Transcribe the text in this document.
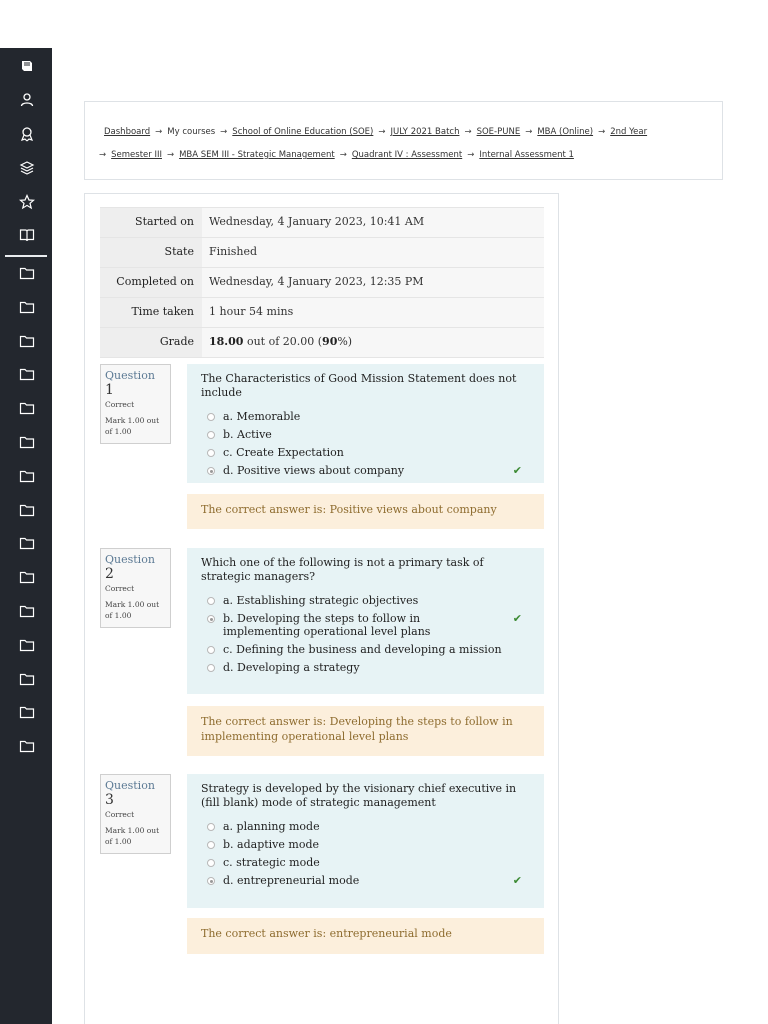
Dashboard → My courses → School of Online Education (SOE) → JULY 2021 Batch → SOE-PUNE → MBA (Online) → 2nd Year
→ Semester III → MBA SEM III - Strategic Management → Quadrant IV : Assessment → Internal Assessment 1
Started on	Wednesday, 4 January 2023, 10:41 AM
State	Finished
Completed on	Wednesday, 4 January 2023, 12:35 PM
Time taken	1 hour 54 mins
Grade	18.00 out of 20.00 (90%)
Question 1
Correct
Mark 1.00 out of 1.00
The Characteristics of Good Mission Statement does not include
a. Memorable
b. Active
c. Create Expectation
d. Positive views about company	✔
The correct answer is: Positive views about company
Question 2
Correct
Mark 1.00 out of 1.00
Which one of the following is not a primary task of strategic managers?
a. Establishing strategic objectives
b. Developing the steps to follow in implementing operational level plans
✔
c. Defining the business and developing a mission
d. Developing a strategy
The correct answer is: Developing the steps to follow in implementing operational level plans
Question 3
Correct
Mark 1.00 out of 1.00
Strategy is developed by the visionary chief executive in (fill blank) mode of strategic management
a. planning mode
b. adaptive mode
c. strategic mode
d. entrepreneurial mode	✔
The correct answer is: entrepreneurial mode
